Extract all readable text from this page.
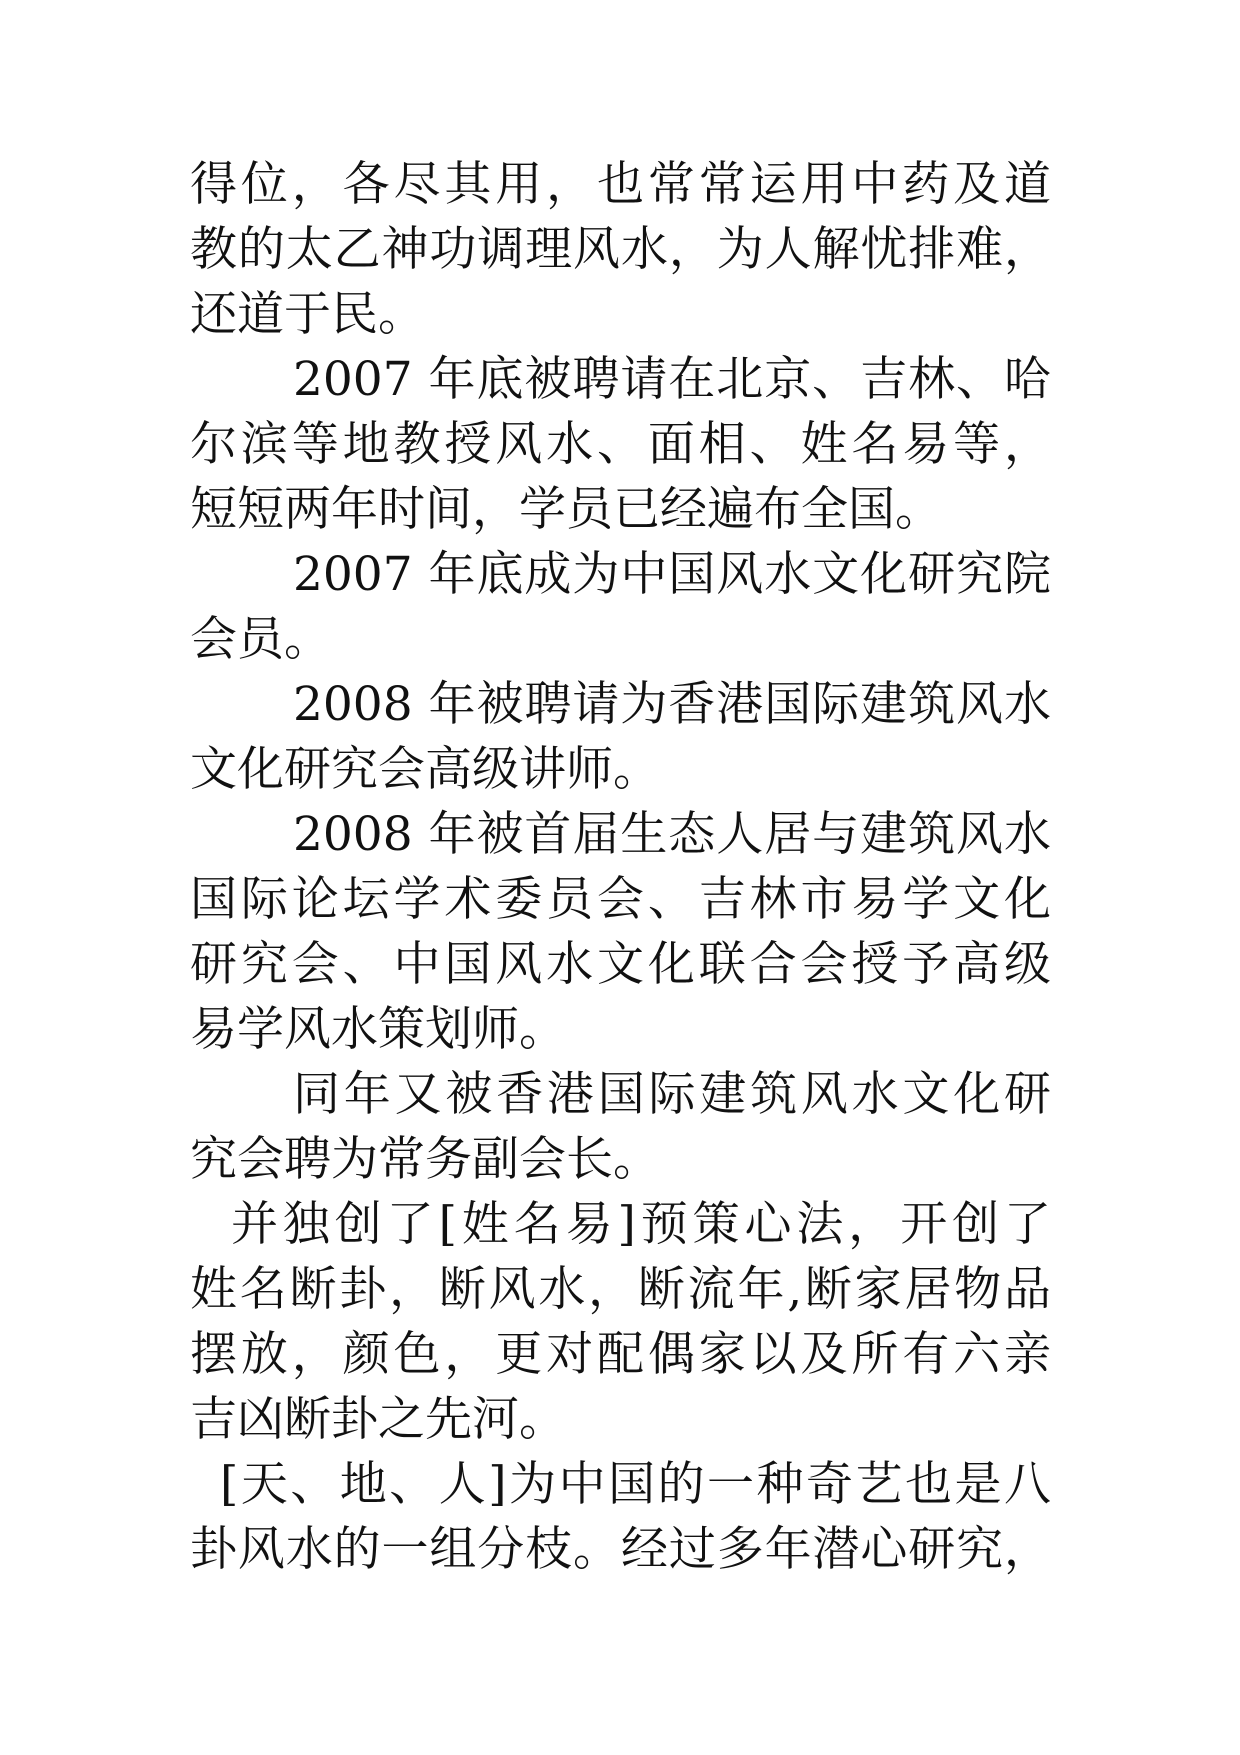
得位，各尽其用，也常常运用中药及道
教的太乙神功调理风水，为人解忧排难，
还道于民。
2007 年底被聘请在北京、吉林、哈
尔滨等地教授风水、面相、姓名易等，
短短两年时间，学员已经遍布全国。
2007 年底成为中国风水文化研究院
会员。
2008 年被聘请为香港国际建筑风水
文化研究会高级讲师。
2008 年被首届生态人居与建筑风水
国际论坛学术委员会、吉林市易学文化
研究会、中国风水文化联合会授予高级
易学风水策划师。
同年又被香港国际建筑风水文化研
究会聘为常务副会长。
并独创了[姓名易]预策心法，开创了
姓名断卦，断风水，断流年,断家居物品
摆放，颜色，更对配偶家以及所有六亲
吉凶断卦之先河。
[天、地、人]为中国的一种奇艺也是八
卦风水的一组分枝。经过多年潜心研究，
